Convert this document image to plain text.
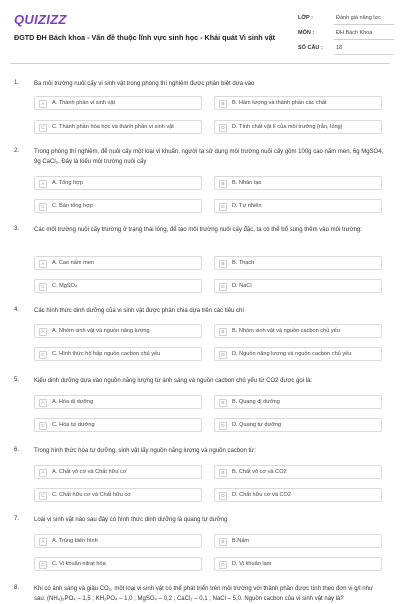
QUIZIZZ
ĐGTD ĐH Bách khoa - Vấn đề thuộc lĩnh vực sinh học - Khái quát Vi sinh vật
LỚP :	Đánh giá năng lực
MÔN :	ĐH Bách Khoa
SỐ CÂU : 18
1. Ba môi trường nuôi cấy vi sinh vật trong phòng thí nghiệm được phân biệt dựa vào
A	A. Thành phần vi sinh vật	B	B. Hàm lượng và thành phần các chất
C	C. Thành phần hóa học và thành phần vi sinh vật	D	D. Tính chất vật lí của môi trường (rắn, lỏng)
2. Trong phòng thí nghiệm, để nuôi cấy một loại vi khuẩn, người ta sử dụng môi trường nuôi cấy gồm 100g cao nấm men, 6g MgSO4, 9g CaCl₂. Đây là kiểu môi trường nuôi cấy
A	A. Tổng hợp	B	B. Nhân tạo
C	C. Bán tổng hợp	D	D. Tự nhiên
3. Các môi trường nuôi cấy thường ở trạng thái lỏng, để tạo môi trường nuôi cấy đặc, ta có thể bổ sung thêm vào môi trường:
A	A. Cao nấm men	B	B. Thạch
C	C. MgSO₄	D	D. NaCl
4. Các hình thức dinh dưỡng của vi sinh vật được phân chia dựa trên các tiêu chí
A	A. Nhóm sinh vật và nguồn năng lượng	B	B. Nhóm sinh vật và nguồn cacbon chủ yếu
C	C. Hình thức hô hấp nguồn cacbon chủ yếu	D	D. Nguồn năng lượng và nguồn cacbon chủ yếu
5. Kiểu dinh dưỡng dựa vào nguồn năng lượng từ ánh sáng và nguồn cacbon chủ yếu từ CO2 được gọi là:
A	A. Hóa dị dưỡng	B	B. Quang dị dưỡng
C	C. Hóa tự dưỡng	D	D. Quang tự dưỡng
6. Trong hình thức hóa tự dưỡng, sinh vật lấy nguồn năng lượng và nguồn cacbon từ:
A	A. Chất vô cơ và Chất hữu cơ	B	B. Chất vô cơ và CO2
C	C. Chất hữu cơ và Chất hữu cơ	D	D. Chất hữu cơ và CO2
7. Loài vi sinh vật nào sau đây có hình thức dinh dưỡng là quang tự dưỡng
A	A. Trùng biến hình	B	B.Nấm
C	C. Vi khuẩn nitrat hóa	D	D. Vi khuẩn lam
8. Khi có ánh sáng và giàu CO₂, một loại vi sinh vật có thể phát triển trên môi trường với thành phần được tính theo đơn vị g/l như sau: (NH₄)₃PO₄ – 1,5 ; KH₂PO₄ – 1,0 ; MgSO₄ – 0,2 ; CaCl₂ – 0,1 ; NaCl – 5,0. Nguồn cacbon của vi sinh vật này là?
